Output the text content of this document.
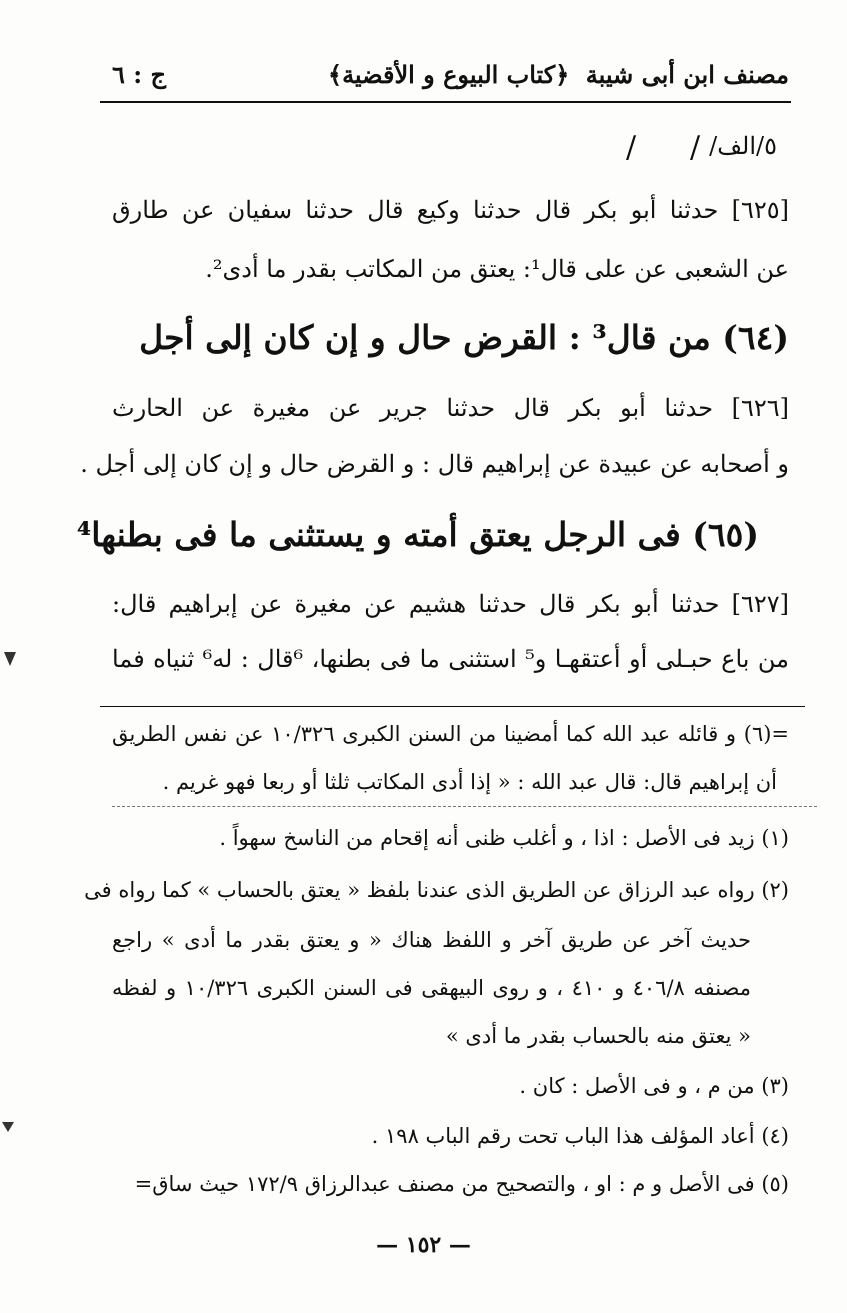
مصنف ابن أبى شيبة
﴿كتاب البيوع و الأقضية﴾
ج : ٦
٥/الف/
/
/
[٦٢٥] حدثنا أبو بكر قال حدثنا وكيع قال حدثنا سفيان عن طارق
عن الشعبى عن على قال¹: يعتق من المكاتب بقدر ما أدى².
(٦٤) من قال³ : القرض حال و إن كان إلى أجل
[٦٢٦] حدثنا أبو بكر قال حدثنا جرير عن مغيرة عن الحارث
و أصحابه عن عبيدة عن إبراهيم قال : و القرض حال و إن كان إلى أجل .
(٦٥) فى الرجل يعتق أمته و يستثنى ما فى بطنها⁴
[٦٢٧] حدثنا أبو بكر قال حدثنا هشيم عن مغيرة عن إبراهيم قال:
من باع حبـلى أو أعتقهـا و⁵ استثنى ما فى بطنها، ⁶قال : له⁶ ثنياه فما
=(٦) و قائله عبد الله كما أمضينا من السنن الكبرى ١٠/٣٢٦ عن نفس الطريق
أن إبراهيم قال: قال عبد الله : « إذا أدى المكاتب ثلثا أو ربعا فهو غريم .
(١) زيد فى الأصل : اذا ، و أغلب ظنى أنه إقحام من الناسخ سهواً .
(٢) رواه عبد الرزاق عن الطريق الذى عندنا بلفظ « يعتق بالحساب » كما رواه فى
حديث آخر عن طريق آخر و اللفظ هناك « و يعتق بقدر ما أدى » راجع
مصنفه ٤٠٦/٨ و ٤١٠ ، و روى البيهقى فى السنن الكبرى ١٠/٣٢٦ و لفظه
« يعتق منه بالحساب بقدر ما أدى »
(٣) من م ، و فى الأصل : كان .
(٤) أعاد المؤلف هذا الباب تحت رقم الباب ١٩٨ .
(٥) فى الأصل و م : او ، والتصحيح من مصنف عبدالرزاق ١٧٢/٩ حيث ساق=
— ١٥٢ —
